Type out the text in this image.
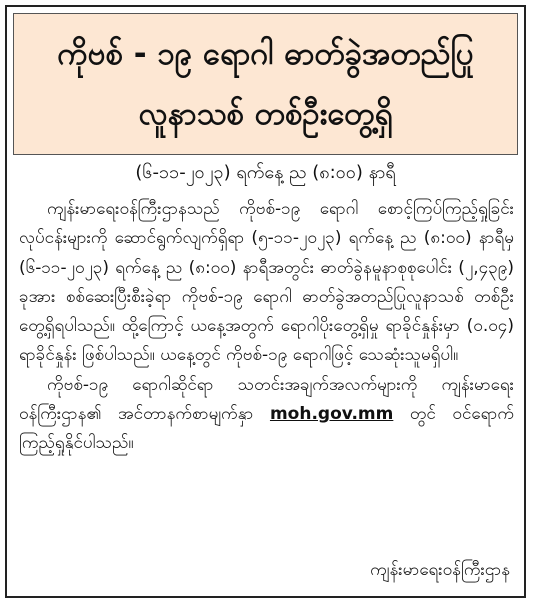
ကိုဗစ် - ၁၉ ရောဂါ ဓာတ်ခွဲအတည်ပြု
လူနာသစ် တစ်ဦးတွေ့ရှိ
(၆-၁၁-၂၀၂၃) ရက်နေ့ ည (၈:၀၀) နာရီ

ကျန်းမာရေးဝန်ကြီးဌာနသည် ကိုဗစ်-၁၉ ရောဂါ စောင့်ကြပ်ကြည့်ရှုခြင်းလုပ်ငန်းများကို ဆောင်ရွက်လျက်ရှိရာ (၅-၁၁-၂၀၂၃) ရက်နေ့ ည (၈:၀၀) နာရီမှ (၆-၁၁-၂၀၂၃) ရက်နေ့ ည (၈:၀၀) နာရီအတွင်း ဓာတ်ခွဲနမူနာစုစုပေါင်း (၂,၄၃၉) ခုအား စစ်ဆေးပြီးစီးခဲ့ရာ ကိုဗစ်-၁၉ ရောဂါ ဓာတ်ခွဲအတည်ပြုလူနာသစ် တစ်ဦး တွေ့ရှိရပါသည်။ ထို့ကြောင့် ယနေ့အတွက် ရောဂါပိုးတွေ့ရှိမှု ရာခိုင်နှုန်းမှာ (၀.၀၄) ရာခိုင်နှုန်း ဖြစ်ပါသည်။ ယနေ့တွင် ကိုဗစ်-၁၉ ရောဂါဖြင့် သေဆုံးသူမရှိပါ။

ကိုဗစ်-၁၉ ရောဂါဆိုင်ရာ သတင်းအချက်အလက်များကို ကျန်းမာရေးဝန်ကြီးဌာန၏ အင်တာနက်စာမျက်နှာ moh.gov.mm တွင် ဝင်ရောက်ကြည့်ရှုနိုင်ပါသည်။

ကျန်းမာရေးဝန်ကြီးဌာန
